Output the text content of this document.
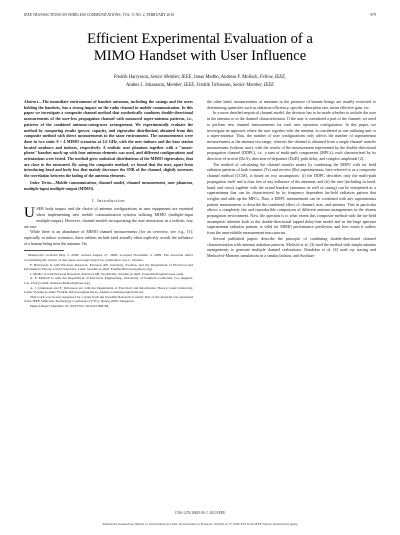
IEEE TRANSACTIONS ON WIRELESS COMMUNICATIONS, VOL. 9, NO. 2, FEBRUARY 2010	879
Efficient Experimental Evaluation of a
MIMO Handset with User Influence
Fredrik Harrysson, Senior Member, IEEE, Jonas Medbo, Andreas F. Molisch, Fellow, IEEE,
Anders J. Johansson, Member, IEEE, Fredrik Tufvesson, Senior Member, IEEE

Abstract—The immediate environment of handset antennas, including the casings and the users holding the handsets, has a strong impact on the radio channel in mobile communication. In this paper we investigate a composite channel method that synthetically combines double-directional measurements of the user-less propagation channel with measured super-antenna patterns, i.e., patterns of the combined antenna-casing-user arrangement. We experimentally evaluate the method by comparing results (power, capacity, and eigenvalue distribution) obtained from this composite method with direct measurements in the same environment. The measurements were done in two static 8 × 4 MIMO scenarios at 2.6 GHz, with the user indoors and the base station located outdoors and indoors, respectively. A realistic user phantom together with a "smart-phone" handset mock-up with four antenna elements was used, and different configurations and orientations were tested. The method gives statistical distributions of the MIMO eigenvalues, that are close to the measured. By using the composite method, we found that the user, apart from introducing head and body loss that mainly decreases the SNR of the channel, slightly increases the correlation between the fading of the antenna elements.

Index Terms—Mobile communication, channel model, channel measurement, user phantom, multiple-input multiple-output (MIMO).

I. Introduction

USER body impact and the choice of antenna configurations in user equipments are essential when implementing new mobile communication systems utilizing MIMO (multiple-input multiple-output). However, channel models incorporating the user interaction in a realistic way are rare.

While there is an abundance of MIMO channel measurements (for an overview, see, e.g., [1]; especially in indoor scenarios, these seldom include (and actually often explicitly avoid) the influence of a human being near the antenna. On

Manuscript received May 5, 2009; revised August 27, 2009; accepted November 4, 2009. The associate editor coordinating the review of this paper and approving it for publication was L. Dossier.

F. Harrysson is with Ericsson Research, Ericsson AB, Göteborg, Sweden, and the Department of Electrical and Information Theory, Lund University, Lund, Sweden (e-mail: Fredrik.Harrysson@ieee.org).

J. Medbo is with Ericsson Research, Ericsson AB, Stockholm, Sweden (e-mail: Jonas.Medbo@ericsson.com).

A. F. Molisch is with the Department of Electrical Engineering, University of Southern California, Los Angeles, CA, USA (e-mail: Andreas.Molisch@ieee.org).

A. J. Johansson and F. Tufvesson are with the Department of Electrical and Information Theory, Lund University, Lund, Sweden (e-mail: Fredrik.Tufvesson@eit.lth.se, Anders.J.Johansson@eit.lth.se).

This work was in part supported by a grant from the Swedish Research Council. Part of the material was presented at the IEEE Vehicular Technology Conference (VTC), Spring 2008, Singapore.

Digital Object Identifier 10.1109/TWC.2010.02.090768

the other hand, measurements of antennas in the presence of human beings are usually restricted to determining quantities such as radiation efficiency, specific absorption rate, mean effective gain, etc.

In a more detailed empirical channel model, the decision has to be made whether to include the user in the antenna or in the channel characterization. If the user is considered a part of the channel, we need to perform new channel measurements for each user operation configuration. In this paper, we investigate an approach where the user together with the antenna, is considered as one radiating unit or a super-antenna. Thus, the number of user configurations only affects the number of superantenna measurements at the antenna test range; whereas the channel is obtained from a single channel transfer measurement (without user), with the results of the measurement represented by the double-directional propagation channel (DDPC), i.e., a sum of multi-path components (MPCs); each characterized by its direction-of-arrival (DoA), direction-of-departure (DoD), path delay, and complex amplitude [2].

The method of calculating the channel transfer matrix by combining the DDPC with far field radiation patterns of both transmit (Tx) and receive (Rx) superantennas, here referred to as a composite channel method (CCM), is based on two assumptions: (i) the DDPC describes only the multi-path propagation itself and is thus free of any influence of the antennas, and (ii) the user (including its head, hand, and torso) together with the actual handset (antennas as well as casing) can be interpreted as a superantenna that can be characterized by its frequency dependent far-field radiation pattern that weights and adds up the MPCs. Thus, a DDPC measurement can be combined with any superantenna pattern measurement to describe the combined effect of channel, user, and antenna. This in particular allows a completely fair and reproducible comparison of different antenna arrangements in the chosen propagation environment. Now, the question is to what extent this composite method with the far-field assumption inherent both in the double-directional tapped delay-line model and in the large aperture superantenna radiation pattern, is valid for MIMO performance prediction, and how much it suffers from the unavoidable measurement inaccuracies.

Several published papers describe the principle of combining double-directional channel characterization with antenna radiation patterns. Molisch et al. [3] used the method with simple antenna arrangements to generate multiple channel realizations; Dandekar et al. [4] used ray tracing and Method-of-Moment simulations in a similar fashion, and Suvikun-

1536-1276/10$25.00 © 2010 IEEE
Authorized licensed use limited to: Universidad de Chile. Downloaded on February 19,2010 at 17:10:00 EST from IEEE Xplore. Restrictions apply.
